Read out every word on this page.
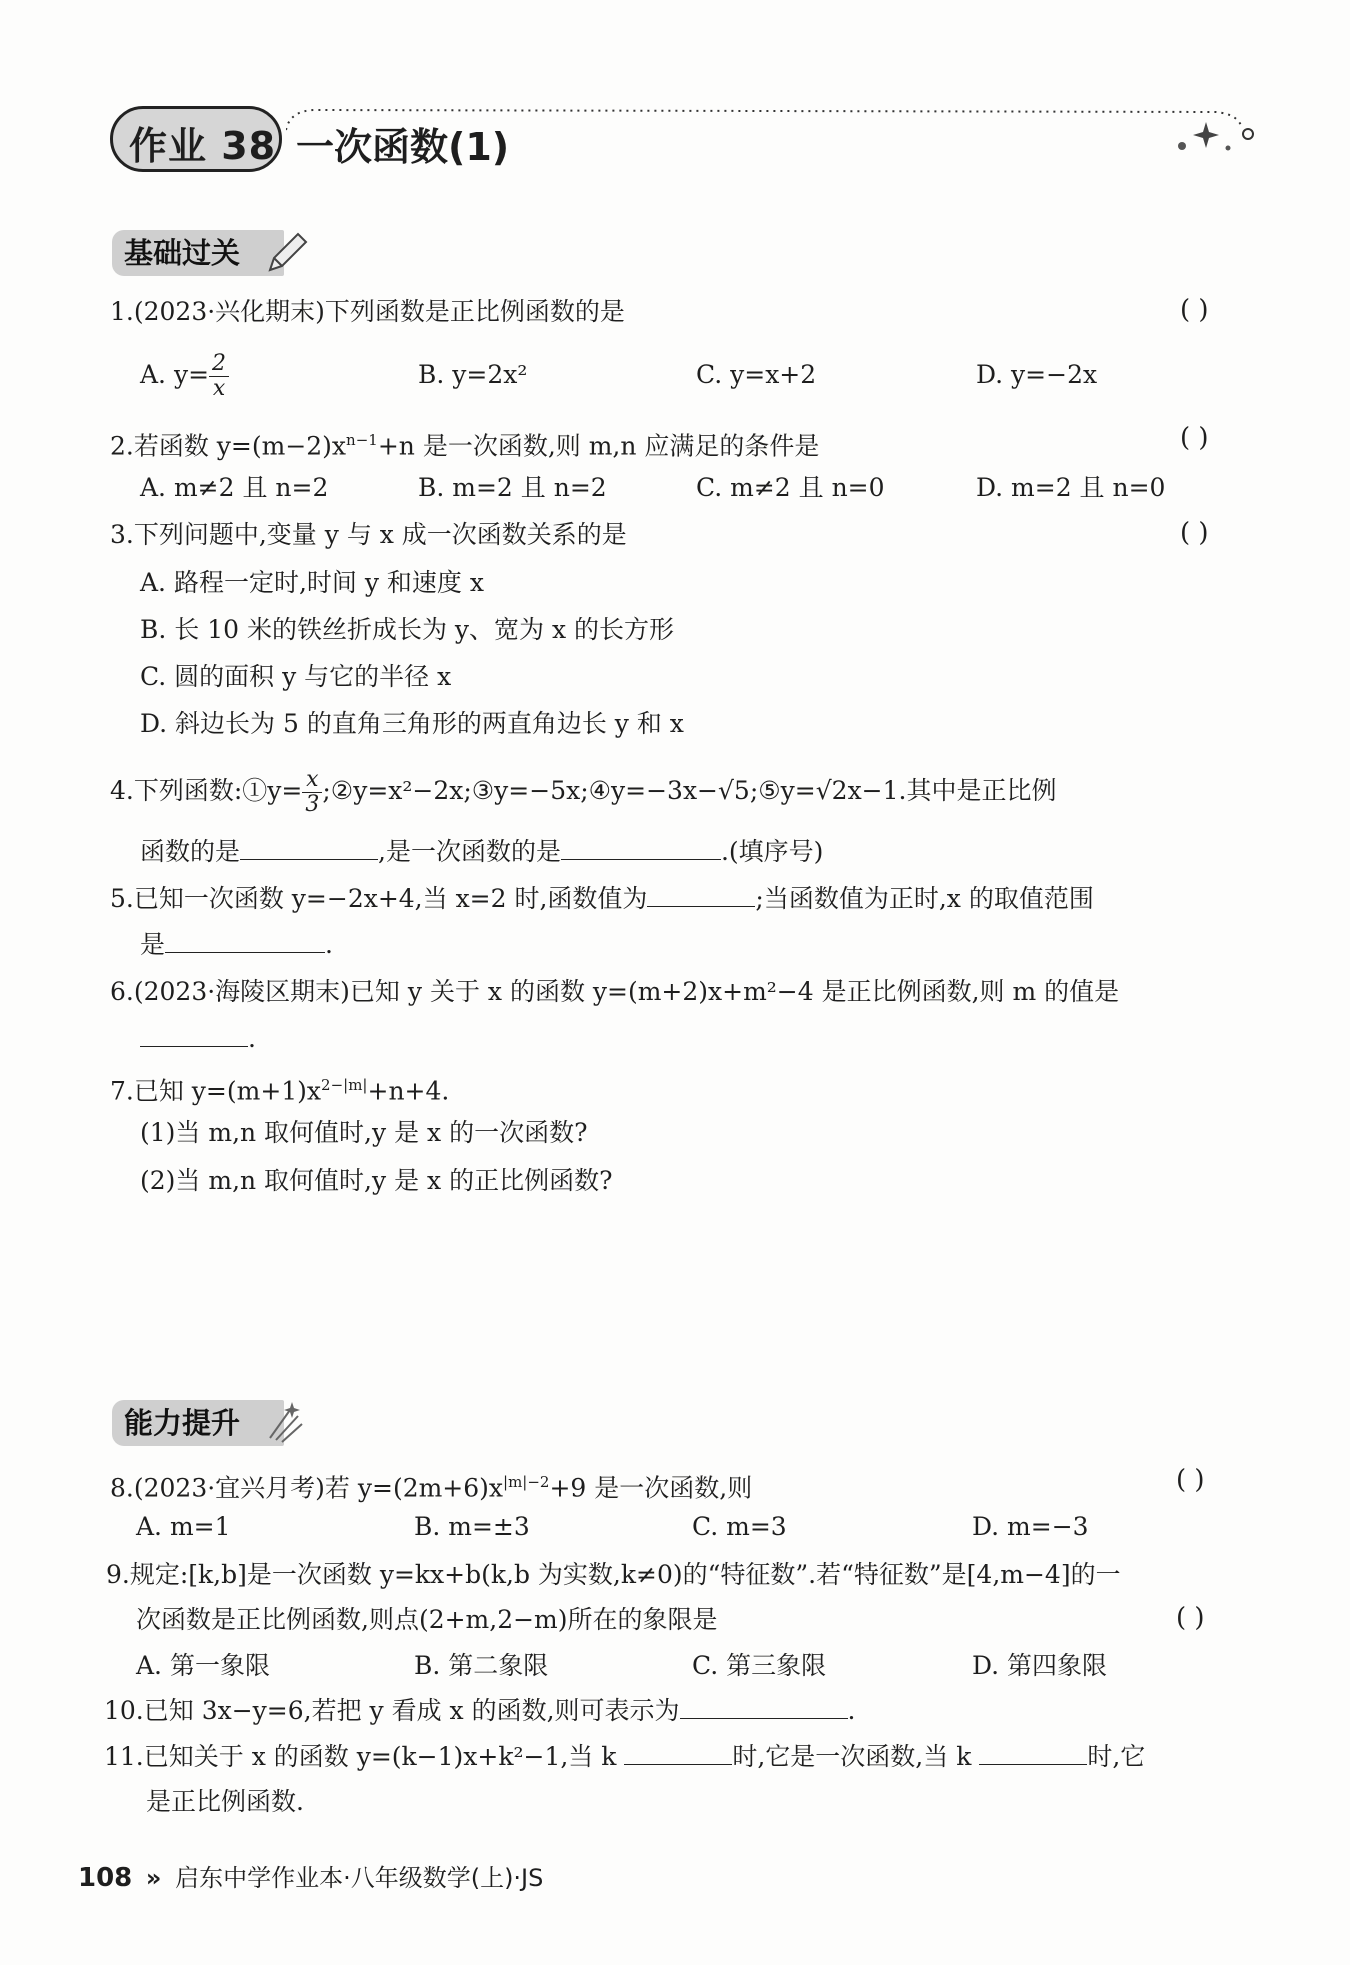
作业 38 一次函数(1)
基础过关
1.(2023·兴化期末)下列函数是正比例函数的是	( )
A. $y= \frac{2}{x}$	B. y=2x²	C. y=x+2	D. y=−2x
2.若函数 $y=(m-2)x^{n-1}+n$ 是一次函数,则 m,n 应满足的条件是	( )
A. m≠2 且 n=2	B. m=2 且 n=2	C. m≠2 且 n=0	D. m=2 且 n=0
3.下列问题中,变量 y 与 x 成一次函数关系的是	( )
A. 路程一定时,时间 y 和速度 x
B. 长 10 米的铁丝折成长为 y、宽为 x 的长方形
C. 圆的面积 y 与它的半径 x
D. 斜边长为 5 的直角三角形的两直角边长 y 和 x
4.下列函数:①y= $\frac{x}{3}$ ;②y=x²−2x;③y=−5x;④y=−3x−√5;⑤y=√2x−1.其中是正比例
函数的是	,是一次函数的是	.(填序号)
5.已知一次函数 y=−2x+4,当 x=2 时,函数值为	;当函数值为正时,x 的取值范围
是	.
6.(2023·海陵区期末)已知 y 关于 x 的函数 y=(m+2)x+m²−4 是正比例函数,则 m 的值是
.
7.已知 $y=(m+1)x^{2-|m|}+n+4$.
(1)当 m,n 取何值时,y 是 x 的一次函数?
(2)当 m,n 取何值时,y 是 x 的正比例函数?
能力提升
8.(2023·宜兴月考)若 $y=(2m+6)x^{|m|-2}+9$ 是一次函数,则	( )
A. m=1	B. m=±3	C. m=3	D. m=−3
9.规定:[k,b]是一次函数 y=kx+b(k,b 为实数,k≠0)的“特征数”.若“特征数”是[4,m−4]的一
次函数是正比例函数,则点(2+m,2−m)所在的象限是	( )
A. 第一象限	B. 第二象限	C. 第三象限	D. 第四象限
10.已知 3x−y=6,若把 y 看成 x 的函数,则可表示为	.
11.已知关于 x 的函数 y=(k−1)x+k²−1,当 k	时,它是一次函数,当 k	时,它
是正比例函数.
108 » 启东中学作业本·八年级数学(上)·JS
